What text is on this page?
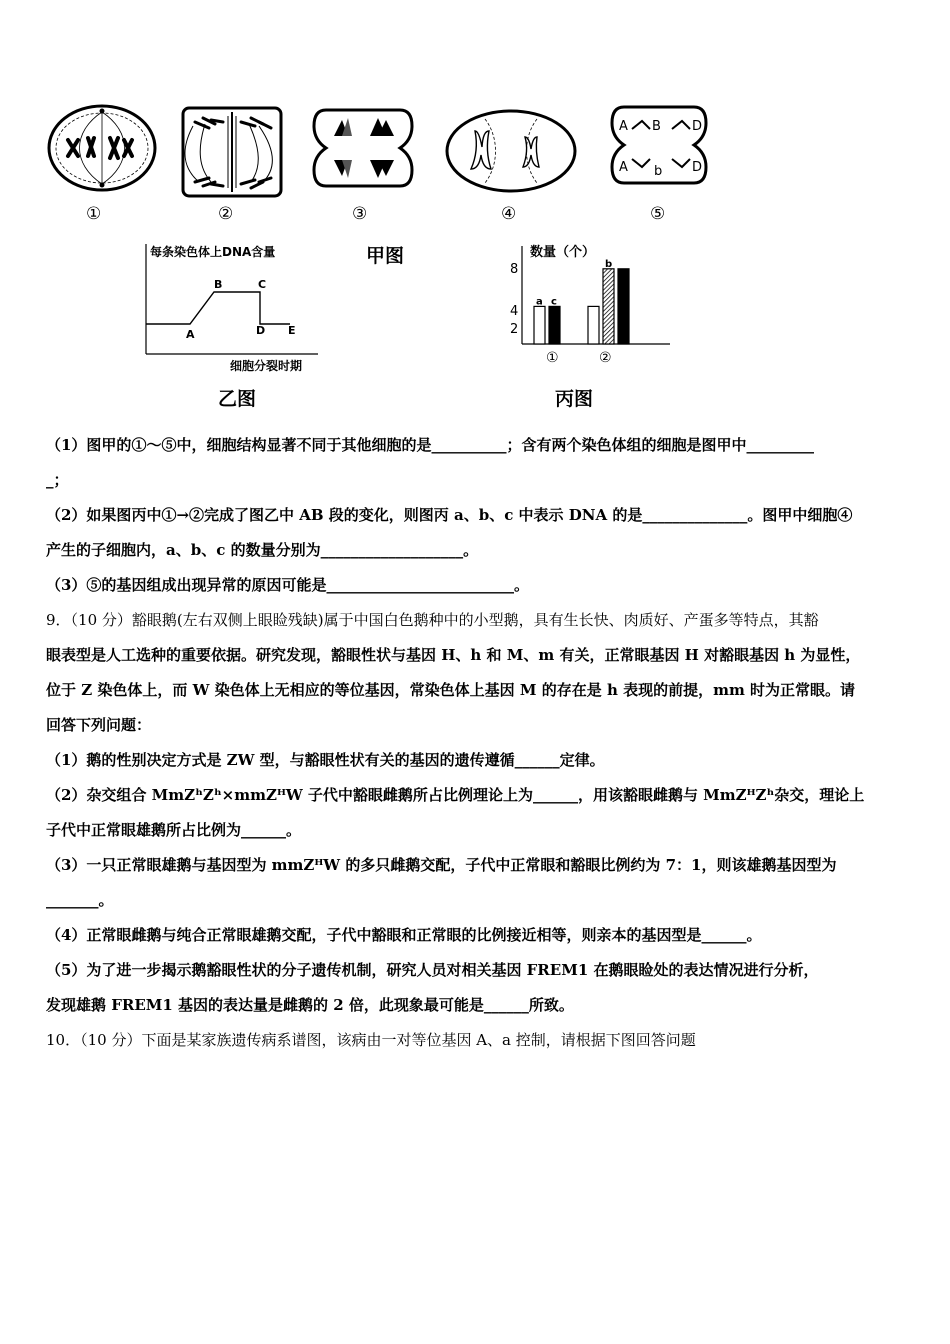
A B D
A b D
①	②	③	④	⑤
甲图
每条染色体上DNA含量
细胞分裂时期
A
B	C
D E
乙图
数量（个）
8
4
2
a c
b
①	②
丙图
（1）图甲的①～⑤中，细胞结构显著不同于其他细胞的是__________；含有两个染色体组的细胞是图甲中_________
_；
（2）如果图丙中①→②完成了图乙中 AB 段的变化，则图丙 a、b、c 中表示 DNA 的是______________。图甲中细胞④
产生的子细胞内，a、b、c 的数量分别为___________________。
（3）⑤的基因组成出现异常的原因可能是_________________________。
9．（10 分）豁眼鹅(左右双侧上眼睑残缺)属于中国白色鹅种中的小型鹅，具有生长快、肉质好、产蛋多等特点，其豁
眼表型是人工选种的重要依据。研究发现，豁眼性状与基因 H、h 和 M、m 有关，正常眼基因 H 对豁眼基因 h 为显性，
位于 Z 染色体上，而 W 染色体上无相应的等位基因，常染色体上基因 M 的存在是 h 表现的前提，mm 时为正常眼。请
回答下列问题：
（1）鹅的性别决定方式是 ZW 型，与豁眼性状有关的基因的遗传遵循______定律。
（2）杂交组合 MmZʰZʰ×mmZᴴW 子代中豁眼雌鹅所占比例理论上为______，用该豁眼雌鹅与 MmZᴴZʰ杂交，理论上
子代中正常眼雄鹅所占比例为______。
（3）一只正常眼雄鹅与基因型为 mmZᴴW 的多只雌鹅交配，子代中正常眼和豁眼比例约为 7：1，则该雄鹅基因型为
_______。
（4）正常眼雌鹅与纯合正常眼雄鹅交配，子代中豁眼和正常眼的比例接近相等，则亲本的基因型是______。
（5）为了进一步揭示鹅豁眼性状的分子遗传机制，研究人员对相关基因 FREM1 在鹅眼睑处的表达情况进行分析，
发现雄鹅 FREM1 基因的表达量是雌鹅的 2 倍，此现象最可能是______所致。
10．（10 分）下面是某家族遗传病系谱图，该病由一对等位基因 A、a 控制，请根据下图回答问题
